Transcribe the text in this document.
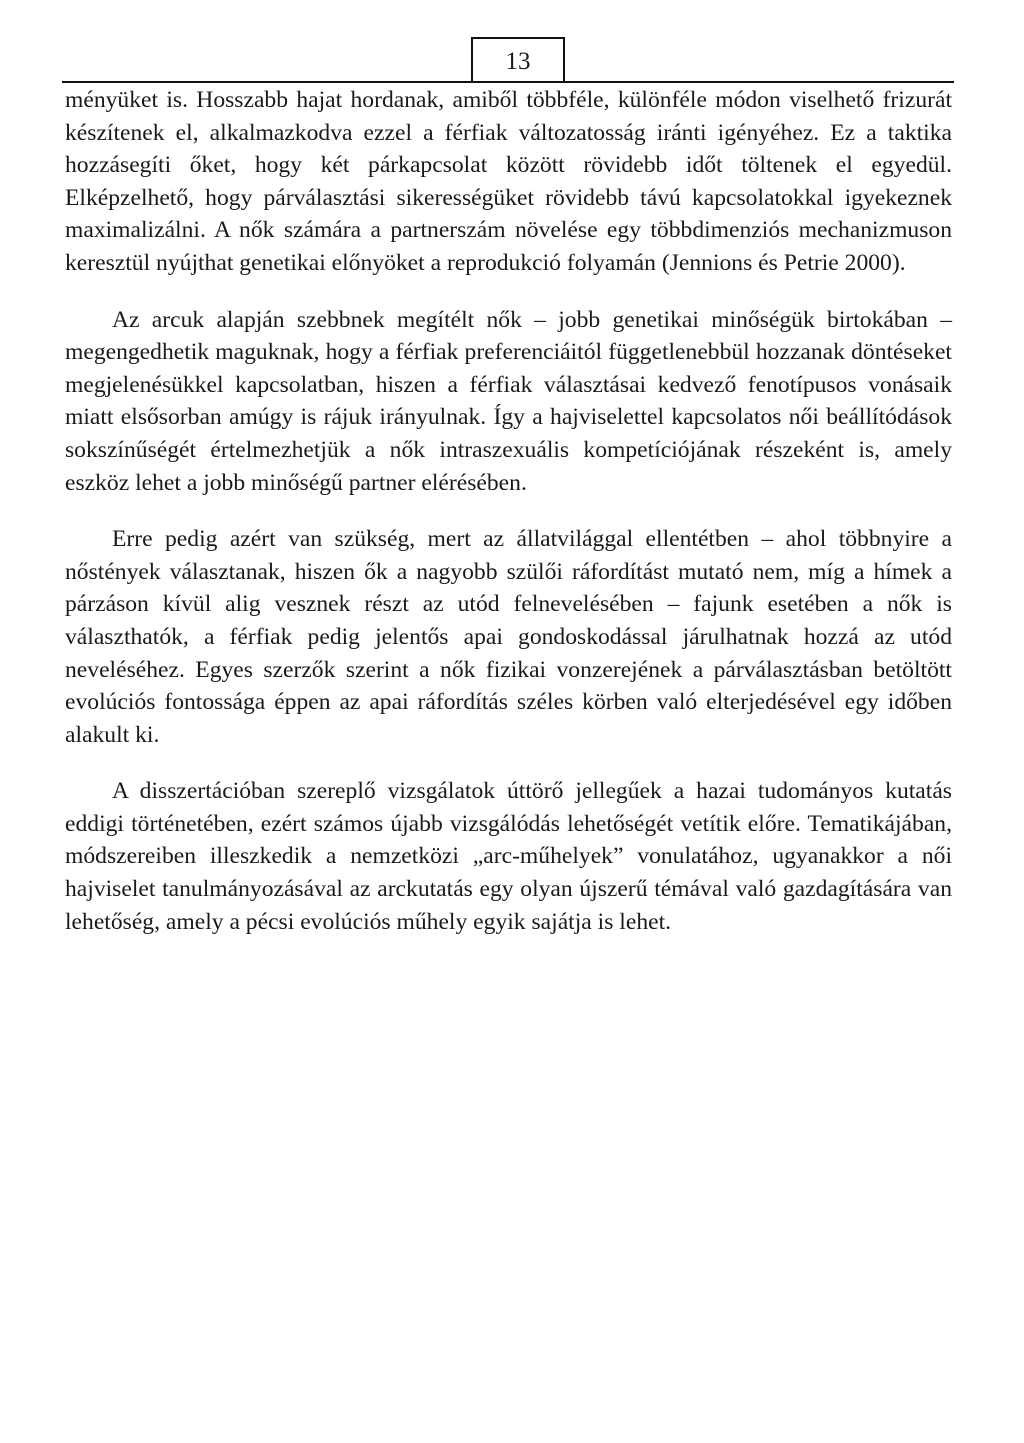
13

ményüket is. Hosszabb hajat hordanak, amiből többféle, különféle módon viselhető frizurát készítenek el, alkalmazkodva ezzel a férfiak változatosság iránti igényéhez. Ez a taktika hozzásegíti őket, hogy két párkapcsolat között rövidebb időt töltenek el egyedül. Elképzelhető, hogy párválasztási sikerességüket rövidebb távú kapcsolatokkal igyekeznek maximalizálni. A nők számára a partnerszám növelése egy többdimenziós mechanizmuson keresztül nyújthat genetikai előnyöket a reprodukció folyamán (Jennions és Petrie 2000).

Az arcuk alapján szebbnek megítélt nők – jobb genetikai minőségük birtokában – megengedhetik maguknak, hogy a férfiak preferenciáitól függetlenebbül hozzanak döntéseket megjelenésükkel kapcsolatban, hiszen a férfiak választásai kedvező fenotípusos vonásaik miatt elsősorban amúgy is rájuk irányulnak. Így a hajviselettel kapcsolatos női beállítódások sokszínűségét értelmezhetjük a nők intraszexuális kompetíciójának részeként is, amely eszköz lehet a jobb minőségű partner elérésében.

Erre pedig azért van szükség, mert az állatvilággal ellentétben – ahol többnyire a nőstények választanak, hiszen ők a nagyobb szülői ráfordítást mutató nem, míg a hímek a párzáson kívül alig vesznek részt az utód felnevelésében – fajunk esetében a nők is választhatók, a férfiak pedig jelentős apai gondoskodással járulhatnak hozzá az utód neveléséhez. Egyes szerzők szerint a nők fizikai vonzerejének a párválasztásban betöltött evolúciós fontossága éppen az apai ráfordítás széles körben való elterjedésével egy időben alakult ki.

A disszertációban szereplő vizsgálatok úttörő jellegűek a hazai tudományos kutatás eddigi történetében, ezért számos újabb vizsgálódás lehetőségét vetítik előre. Tematikájában, módszereiben illeszkedik a nemzetközi „arc-műhelyek” vonulatához, ugyanakkor a női hajviselet tanulmányozásával az arckutatás egy olyan újszerű témával való gazdagítására van lehetőség, amely a pécsi evolúciós műhely egyik sajátja is lehet.
